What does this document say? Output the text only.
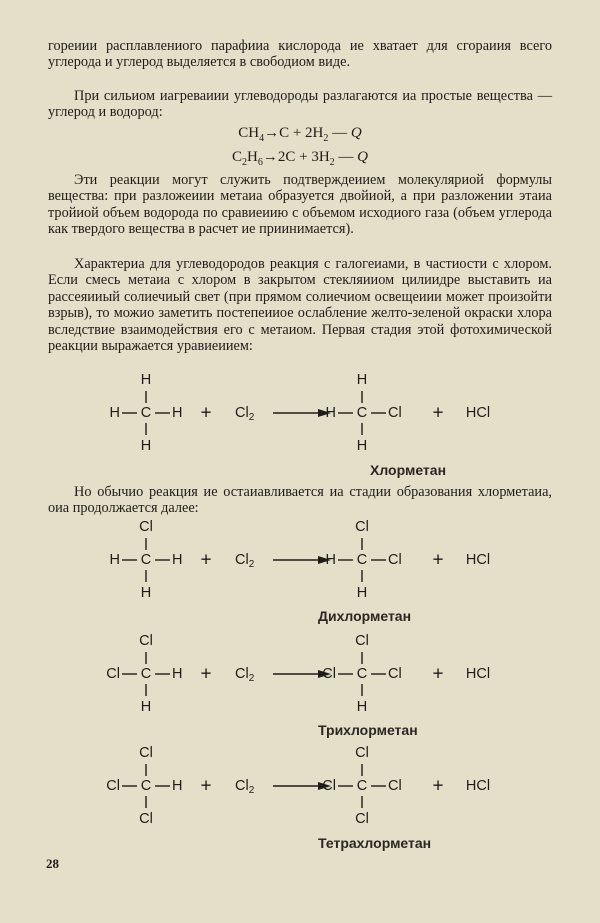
гореиии расплавлениого парафииа кислорода ие хватает для сгораиия всего углерода и углерод выделяется в свободиом виде.

При сильиом иагреваиии углеводороды разлагаются иа простые вещества — углерод и водород:

$CH_4\to C + 2H_2$ — Q
$C_2H_6\to 2C + 3H_2$ — Q

Эти реакции могут служить подтверждеиием молекуляриой формулы вещества: при разложеиии метаиа образуется двойиой, а при разложении этаиа тройиой объем водорода по сравиеиию с объемом исходиого газа (объем углерода как твердого вещества в расчет ие приинимается).

Характериа для углеводородов реакция с галогеиами, в частиости с хлором. Если смесь метаиа с хлором в закрытом стекляииом цилиидре выставить иа рассеяииый солиечиый свет (при прямом солиечиом освещеиии может произойти взрыв), то можио заметить постепеииое ослабление желто-зеленой окраски хлора вследствие взаимодействия его с метаиом. Первая стадия этой фотохимической реакции выражается уравиеиием:

Но обычио реакция ие остаиавливается иа стадии образования хлорметаиа, оиа продолжается далее:

C
H
H
H	$H + Cl_2$	C
H
H
H	Cl + HCl
C
Cl
H
H	$H + Cl_2$	C
Cl
H
H	Cl + HCl
C
Cl
H
Cl	$H + Cl_2$	C
Cl
H
Cl	Cl + HCl
C
Cl
Cl
Cl	$H + Cl_2$	C
Cl
Cl
Cl	Cl + HCl
Хлорметан
Дихлорметан
Трихлорметан
Тетрахлорметан
28
